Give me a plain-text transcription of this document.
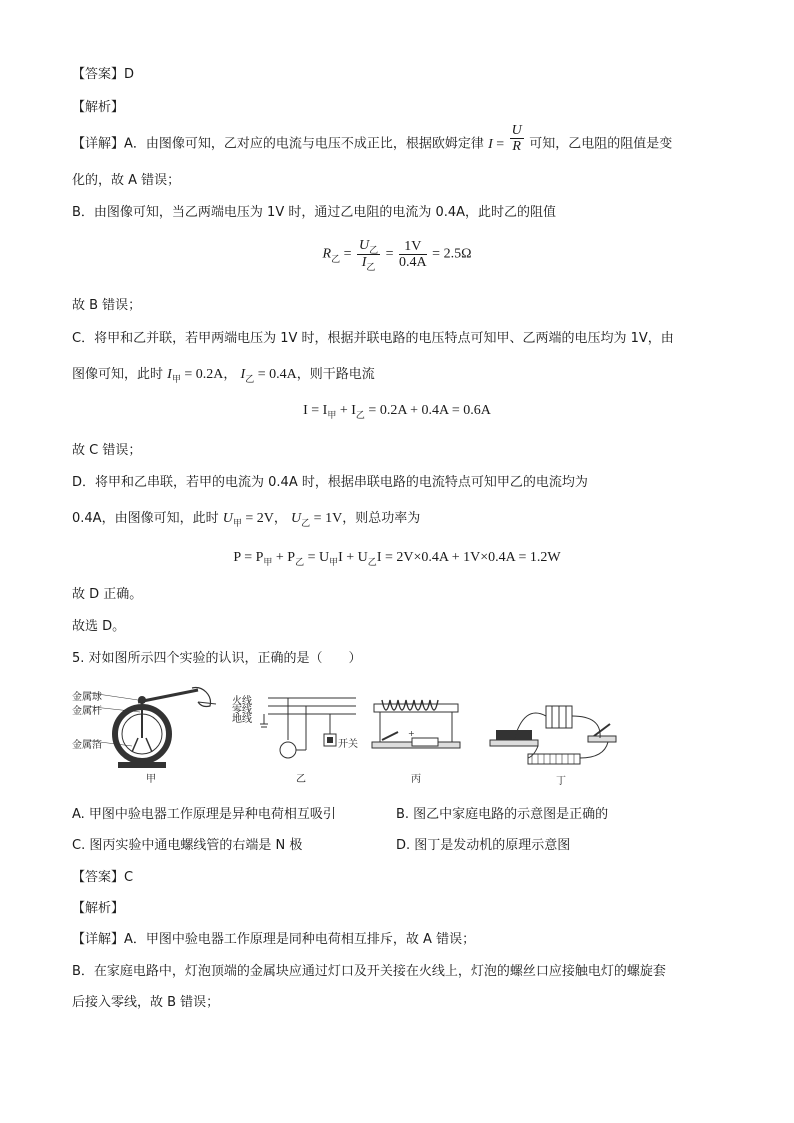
【答案】D
【解析】
【详解】A．由图像可知，乙对应的电流与电压不成正比，根据欧姆定律 $I = \frac{U}{R}$ 可知，乙电阻的阻值是变
化的，故 A 错误；
B．由图像可知，当乙两端电压为 1V 时，通过乙电阻的电流为 0.4A，此时乙的阻值
$R_乙 = \frac{U_乙}{I_乙} = \frac{1V}{0.4A} = 2.5\Omega$
故 B 错误；
C．将甲和乙并联，若甲两端电压为 1V 时，根据并联电路的电压特点可知甲、乙两端的电压均为 1V，由
图像可知，此时 $I_甲 = 0.2A$， $I_乙 = 0.4A$，则干路电流
$I = I_甲 + I_乙 = 0.2A + 0.4A = 0.6A$
故 C 错误；
D．将甲和乙串联，若甲的电流为 0.4A 时，根据串联电路的电流特点可知甲乙的电流均为
0.4A，由图像可知，此时 $U_甲 = 2V$， $U_乙 = 1V$，则总功率为
$P = P_甲 + P_乙 = U_甲I + U_乙I = 2V\times 0.4A + 1V\times 0.4A = 1.2W$
故 D 正确。
故选 D。
5. 对如图所示四个实验的认识，正确的是（　　）
金属球
金属杆
金属箔
甲
火线
零线
地线
开关
乙
+
丙	丁
A. 甲图中验电器工作原理是异种电荷相互吸引	B. 图乙中家庭电路的示意图是正确的
C. 图丙实验中通电螺线管的右端是 N 极	D. 图丁是发动机的原理示意图
【答案】C
【解析】
【详解】A．甲图中验电器工作原理是同种电荷相互排斥，故 A 错误；
B．在家庭电路中，灯泡顶端的金属块应通过灯口及开关接在火线上，灯泡的螺丝口应接触电灯的螺旋套
后接入零线，故 B 错误；
